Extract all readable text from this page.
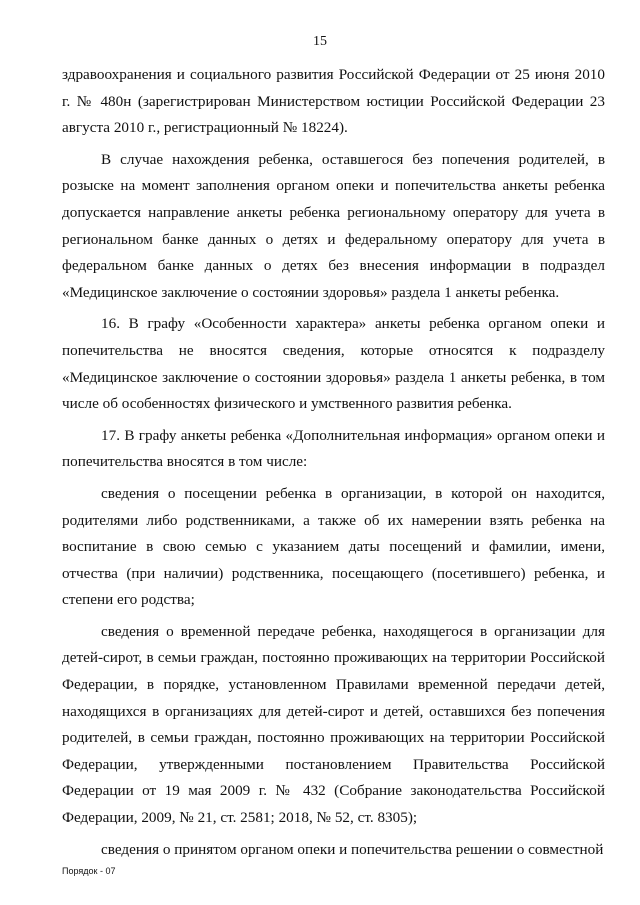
15

здравоохранения и социального развития Российской Федерации от 25 июня 2010 г. № 480н (зарегистрирован Министерством юстиции Российской Федерации 23 августа 2010 г., регистрационный № 18224).

В случае нахождения ребенка, оставшегося без попечения родителей, в розыске на момент заполнения органом опеки и попечительства анкеты ребенка допускается направление анкеты ребенка региональному оператору для учета в региональном банке данных о детях и федеральному оператору для учета в федеральном банке данных о детях без внесения информации в подраздел «Медицинское заключение о состоянии здоровья» раздела 1 анкеты ребенка.

16. В графу «Особенности характера» анкеты ребенка органом опеки и попечительства не вносятся сведения, которые относятся к подразделу «Медицинское заключение о состоянии здоровья» раздела 1 анкеты ребенка, в том числе об особенностях физического и умственного развития ребенка.

17. В графу анкеты ребенка «Дополнительная информация» органом опеки и попечительства вносятся в том числе:

сведения о посещении ребенка в организации, в которой он находится, родителями либо родственниками, а также об их намерении взять ребенка на воспитание в свою семью с указанием даты посещений и фамилии, имени, отчества (при наличии) родственника, посещающего (посетившего) ребенка, и степени его родства;

сведения о временной передаче ребенка, находящегося в организации для детей-сирот, в семьи граждан, постоянно проживающих на территории Российской Федерации, в порядке, установленном Правилами временной передачи детей, находящихся в организациях для детей-сирот и детей, оставшихся без попечения родителей, в семьи граждан, постоянно проживающих на территории Российской Федерации, утвержденными постановлением Правительства Российской Федерации от 19 мая 2009 г. № 432 (Собрание законодательства Российской Федерации, 2009, № 21, ст. 2581; 2018, № 52, ст. 8305);

сведения о принятом органом опеки и попечительства решении о совместной

Порядок - 07
